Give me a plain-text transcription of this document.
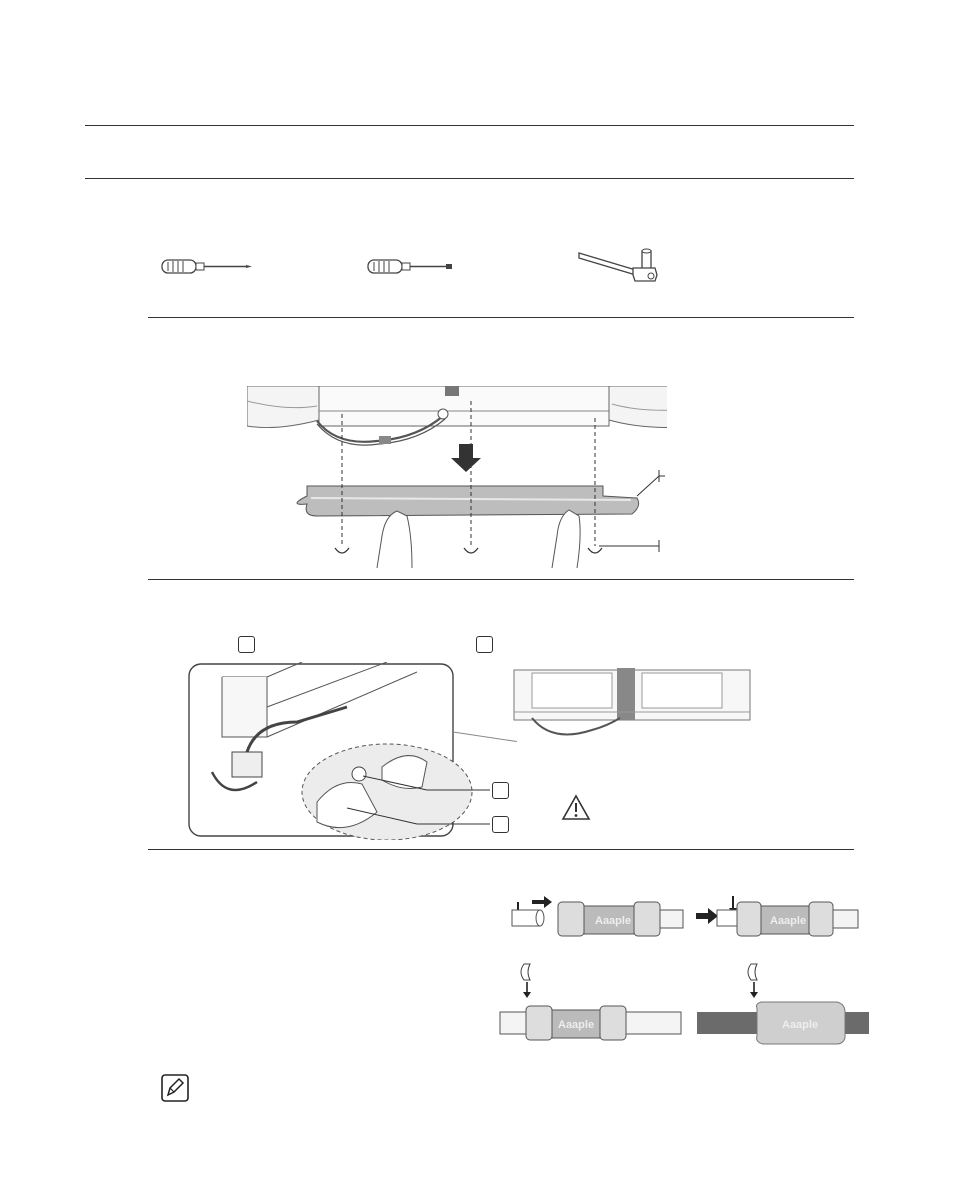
Aaaple	Aaaple
Aaaple	Aaaple
